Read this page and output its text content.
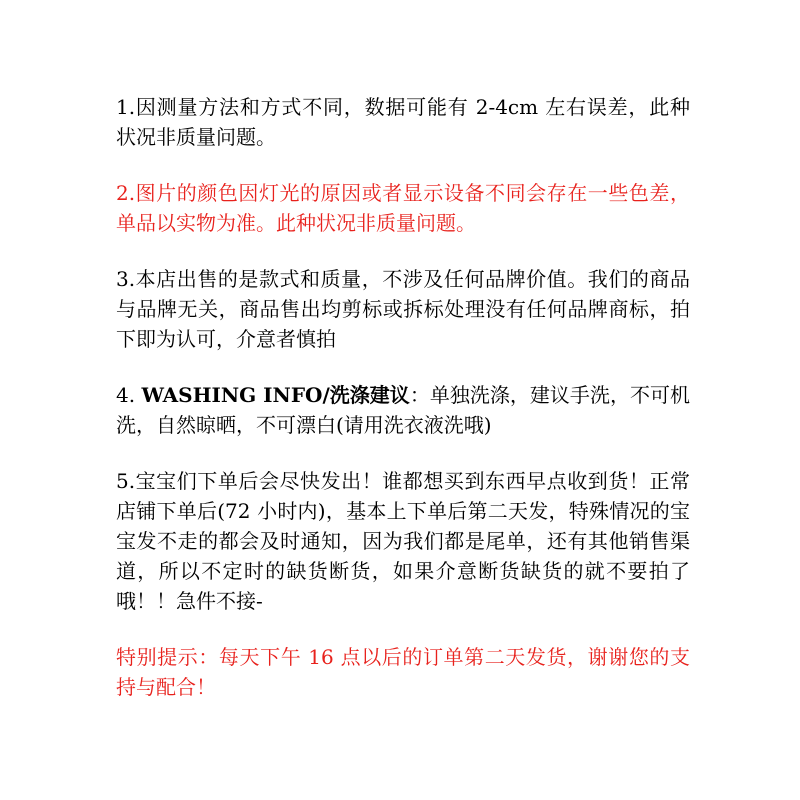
1.因测量方法和方式不同，数据可能有 2-4cm 左右误差，此种状况非质量问题。

2.图片的颜色因灯光的原因或者显示设备不同会存在一些色差，单品以实物为准。此种状况非质量问题。

3.本店出售的是款式和质量，不涉及任何品牌价值。我们的商品与品牌无关，商品售出均剪标或拆标处理没有任何品牌商标，拍下即为认可，介意者慎拍

4. WASHING INFO/洗涤建议：单独洗涤，建议手洗，不可机洗，自然晾晒，不可漂白(请用洗衣液洗哦)

5.宝宝们下单后会尽快发出！谁都想买到东西早点收到货！正常店铺下单后(72 小时内)，基本上下单后第二天发，特殊情况的宝宝发不走的都会及时通知，因为我们都是尾单，还有其他销售渠道，所以不定时的缺货断货，如果介意断货缺货的就不要拍了哦！！急件不接-

特别提示：每天下午 16 点以后的订单第二天发货，谢谢您的支持与配合！
